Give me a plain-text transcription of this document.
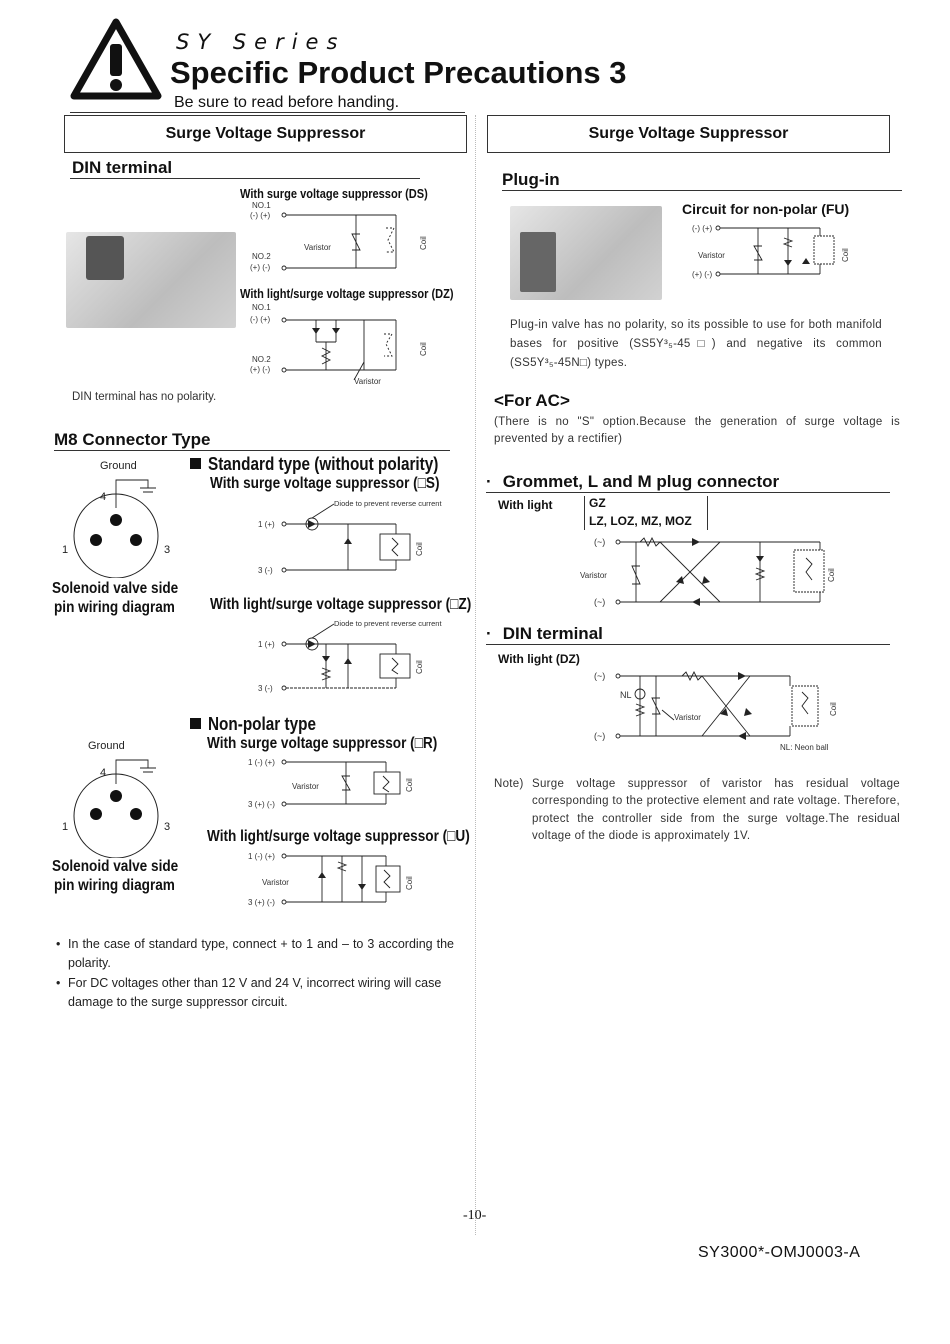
SY Series
Specific Product Precautions 3
Be sure to read before handing.
Surge Voltage Suppressor
DIN terminal
With surge voltage suppressor (DS)
NO.1
(-) (+)
NO.2
(+) (-)
Varistor	Coil
With light/surge voltage suppressor (DZ)
NO.1
(-) (+)
NO.2
(+) (-)
Varistor
Coil
DIN terminal has no polarity.
M8 Connector Type
Ground
4
1	3
Solenoid valve side
pin wiring diagram
Standard type (without polarity)
With surge voltage suppressor (□S)
Diode to prevent reverse current
1 (+)
3 (-)
Coil
With light/surge voltage suppressor (□Z)
Diode to prevent reverse current
1 (+)
3 (-)
Coil
Non-polar type
With surge voltage suppressor (□R)
Ground
4
1	3
Solenoid valve side
pin wiring diagram
1 (-) (+)
3 (+) (-)
Varistor	Coil
With light/surge voltage suppressor (□U)
1 (-) (+)
3 (+) (-)
Varistor	Coil
• In the case of standard type, connect + to 1 and – to 3 according the polarity.
• For DC voltages other than 12 V and 24 V, incorrect wiring will case damage to the surge suppressor circuit.
Surge Voltage Suppressor
Plug-in
Circuit for non-polar (FU)
(-) (+)
(+) (-)
Varistor	Coil
Plug-in valve has no polarity, so its possible to use for both manifold bases for positive (SS5Y³₅-45□) and negative its common (SS5Y³₅-45N□) types.
<For AC>
(There is no "S" option.Because the generation of surge voltage is prevented by a rectifier)
· Grommet, L and M plug connector
With light	GZ
LZ, LOZ, MZ, MOZ
(~)
(~)
Varistor	Coil
· DIN terminal
With light (DZ)
(~)
(~)
NL
Varistor
Coil
NL: Neon ball
Note) Surge voltage suppressor of varistor has residual voltage corresponding to the protective element and rate voltage. Therefore, protect the controller side from the surge voltage.The residual voltage of the diode is approximately 1V.
-10-
SY3000*-OMJ0003-A
